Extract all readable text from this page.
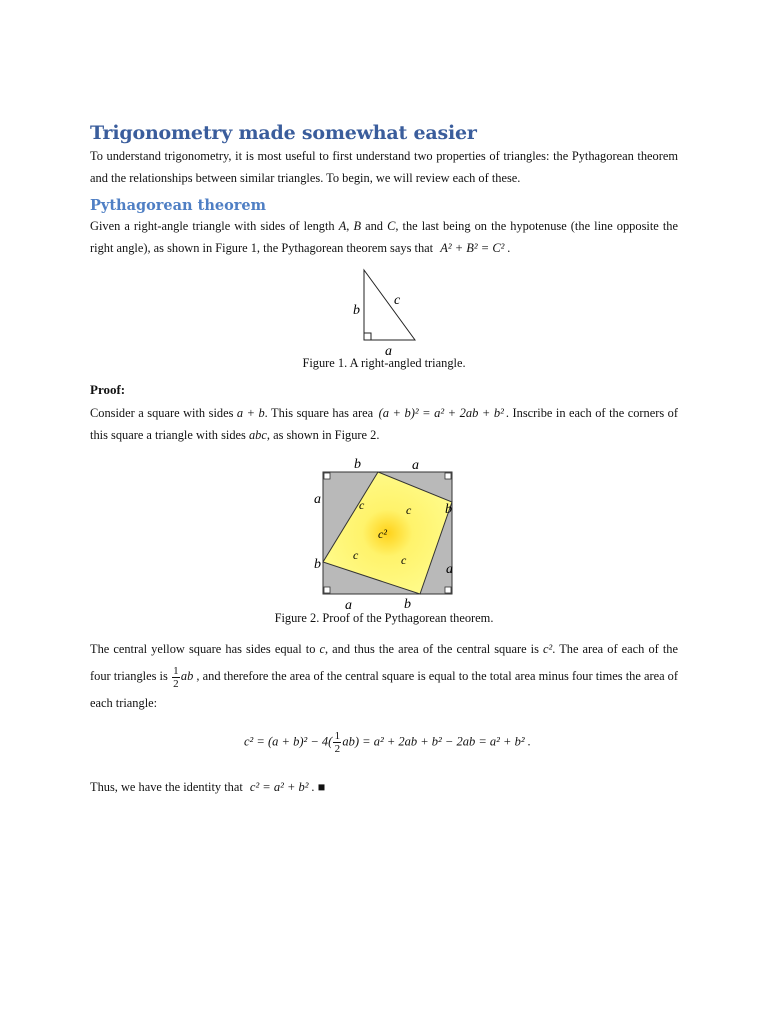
Trigonometry made somewhat easier
To understand trigonometry, it is most useful to first understand two properties of triangles: the Pythagorean theorem and the relationships between similar triangles. To begin, we will review each of these.
Pythagorean theorem
Given a right-angle triangle with sides of length A, B and C, the last being on the hypotenuse (the line opposite the right angle), as shown in Figure 1, the Pythagorean theorem says that A² + B² = C² .
b
c
a
Figure 1. A right-angled triangle.
Proof:
Consider a square with sides a + b. This square has area (a + b)² = a² + 2ab + b² . Inscribe in each of the corners of this square a triangle with sides abc, as shown in Figure 2.
b	a
a
b
b
a
a	b
c	c
c	c
c²
Figure 2. Proof of the Pythagorean theorem.
The central yellow square has sides equal to c, and thus the area of the central square is c². The area of each of the four triangles is $\frac{1}{2}$ ab , and therefore the area of the central square is equal to the total area minus four times the area of each triangle:
$c^2 = (a + b)^2 - 4( \frac{1}{2} ab) = a^2 + 2ab + b^2 - 2ab = a^2 + b^2$ .
Thus, we have the identity that c² = a² + b² . ■
